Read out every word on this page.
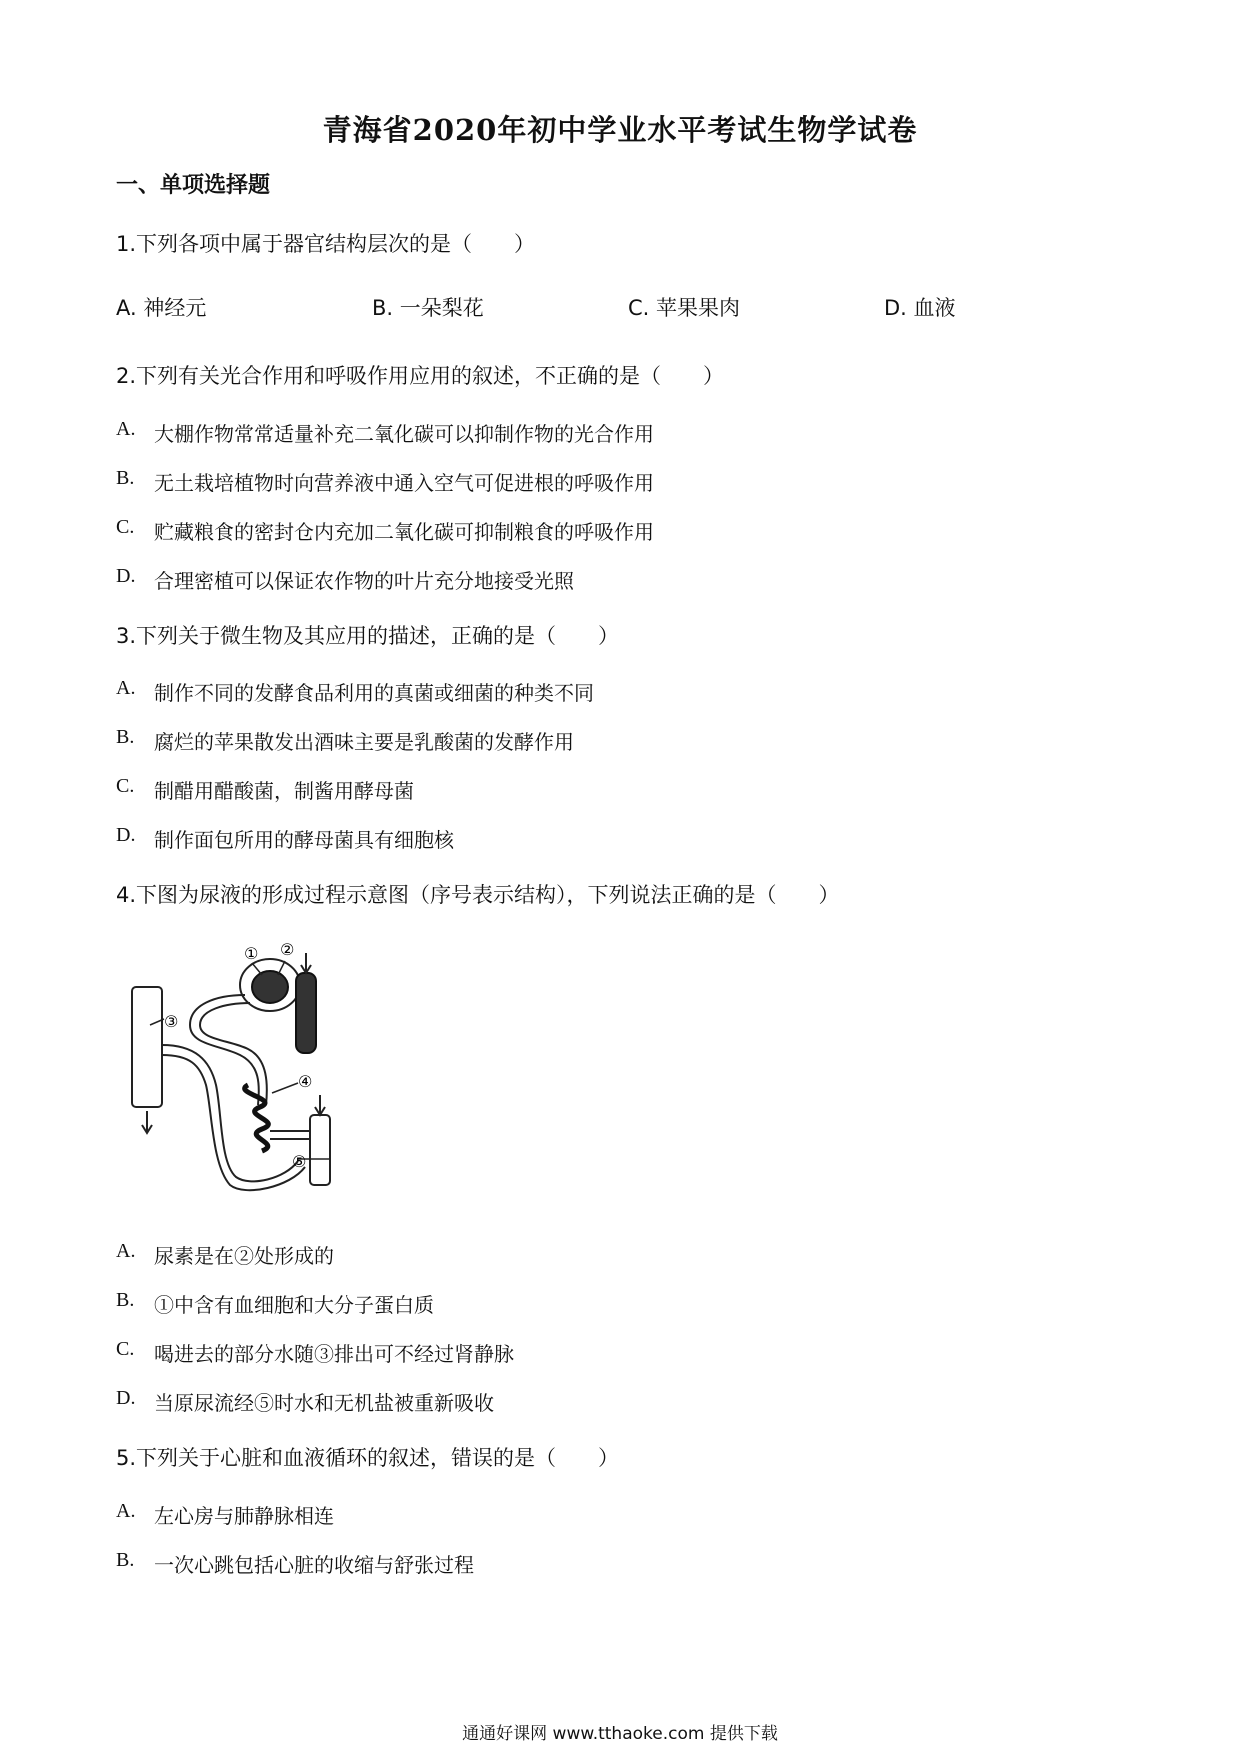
青海省2020年初中学业水平考试生物学试卷
一、单项选择题
1.下列各项中属于器官结构层次的是（　　）
A. 神经元	B. 一朵梨花	C. 苹果果肉	D. 血液
2.下列有关光合作用和呼吸作用应用的叙述，不正确的是（　　）
A. 大棚作物常常适量补充二氧化碳可以抑制作物的光合作用
B. 无土栽培植物时向营养液中通入空气可促进根的呼吸作用
C. 贮藏粮食的密封仓内充加二氧化碳可抑制粮食的呼吸作用
D. 合理密植可以保证农作物的叶片充分地接受光照
3.下列关于微生物及其应用的描述，正确的是（　　）
A. 制作不同的发酵食品利用的真菌或细菌的种类不同
B. 腐烂的苹果散发出酒味主要是乳酸菌的发酵作用
C. 制醋用醋酸菌，制酱用酵母菌
D. 制作面包所用的酵母菌具有细胞核
4.下图为尿液的形成过程示意图（序号表示结构），下列说法正确的是（　　）
① ②
③
④
⑤
A. 尿素是在②处形成的
B. ①中含有血细胞和大分子蛋白质
C. 喝进去的部分水随③排出可不经过肾静脉
D. 当原尿流经⑤时水和无机盐被重新吸收
5.下列关于心脏和血液循环的叙述，错误的是（　　）
A. 左心房与肺静脉相连
B. 一次心跳包括心脏的收缩与舒张过程
通通好课网 www.tthaoke.com 提供下载
